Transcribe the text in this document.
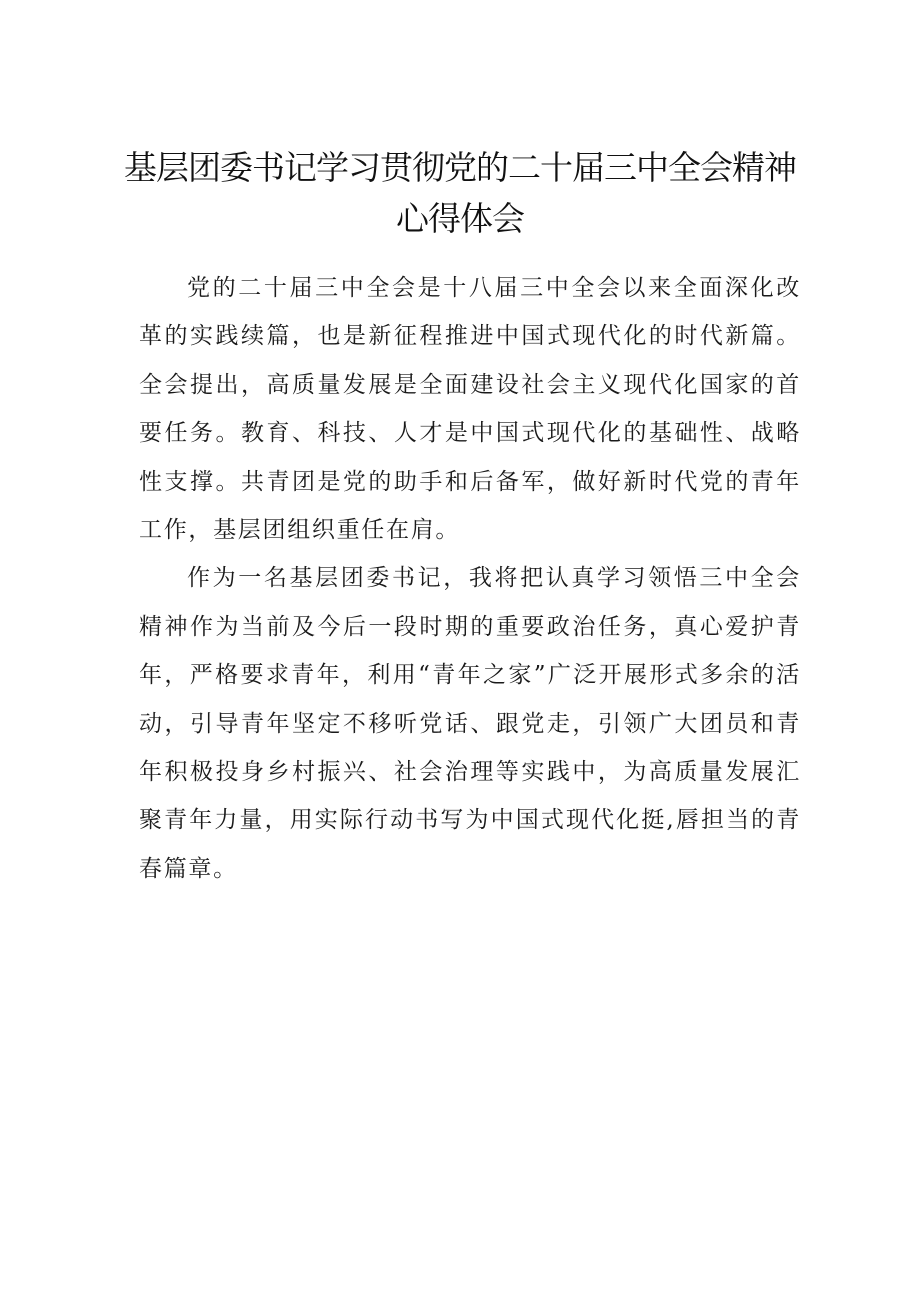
基层团委书记学习贯彻党的二十届三中全会精神心得体会

党的二十届三中全会是十八届三中全会以来全面深化改革的实践续篇，也是新征程推进中国式现代化的时代新篇。全会提出，高质量发展是全面建设社会主义现代化国家的首要任务。教育、科技、人才是中国式现代化的基础性、战略性支撑。共青团是党的助手和后备军，做好新时代党的青年工作，基层团组织重任在肩。

作为一名基层团委书记，我将把认真学习领悟三中全会精神作为当前及今后一段时期的重要政治任务，真心爱护青年，严格要求青年，利用“青年之家”广泛开展形式多余的活动，引导青年坚定不移听党话、跟党走，引领广大团员和青年积极投身乡村振兴、社会治理等实践中，为高质量发展汇聚青年力量，用实际行动书写为中国式现代化挺,唇担当的青春篇章。
